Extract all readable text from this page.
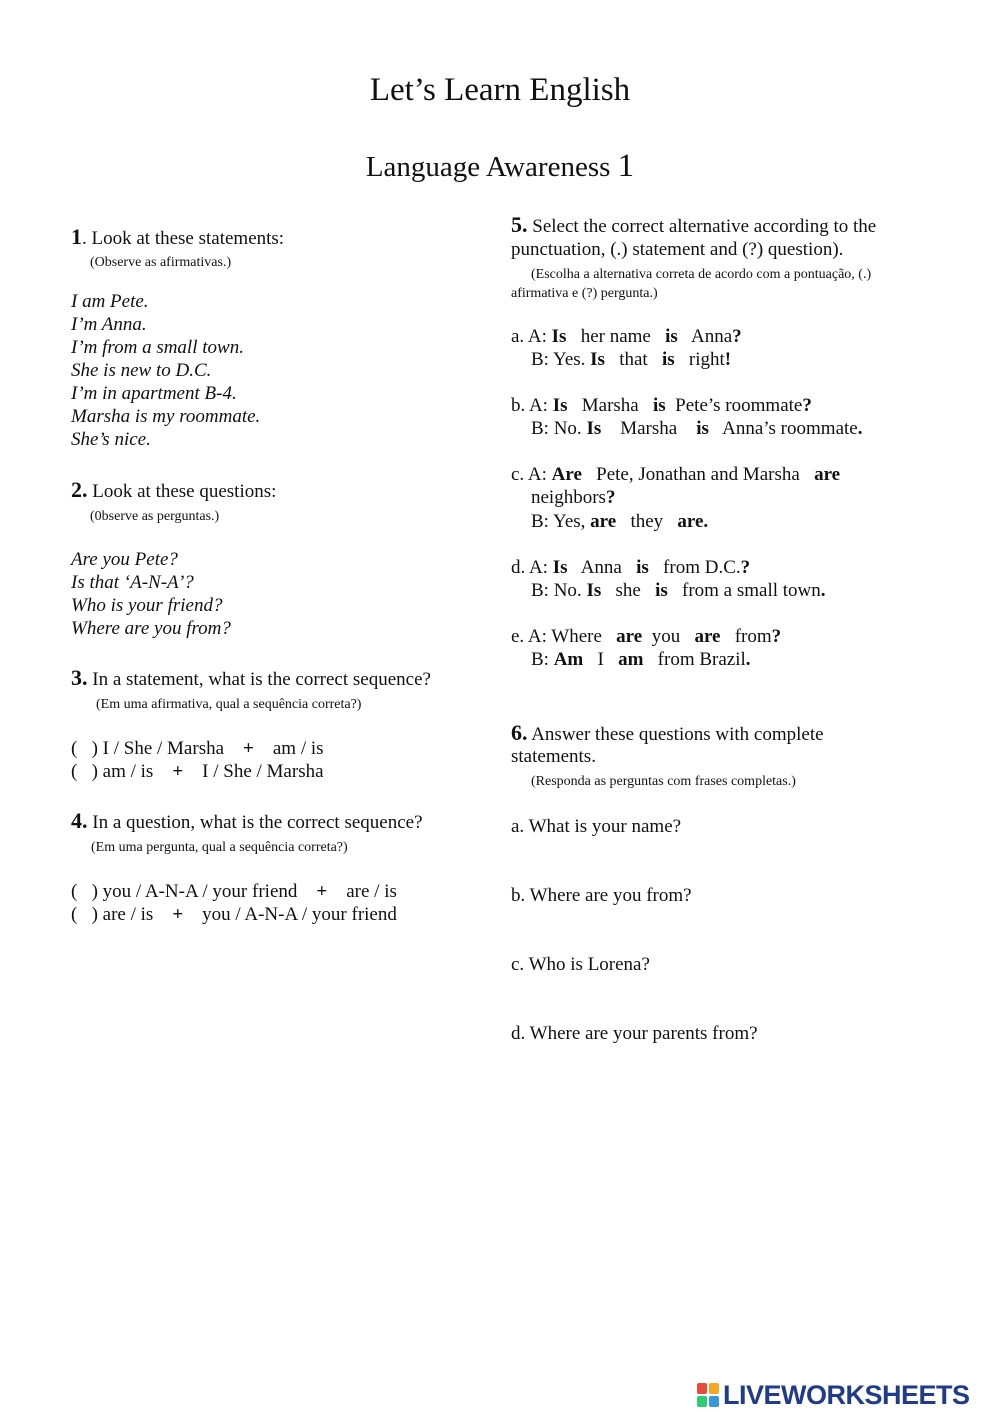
Let’s Learn English
Language Awareness 1
1. Look at these statements:
(Observe as afirmativas.)
I am Pete.
I’m Anna.
I’m from a small town.
She is new to D.C.
I’m in apartment B-4.
Marsha is my roommate.
She’s nice.
2. Look at these questions:
(0bserve as perguntas.)
Are you Pete?
Is that ‘A-N-A’?
Who is your friend?
Where are you from?
3. In a statement, what is the correct sequence?
(Em uma afirmativa, qual a sequência correta?)
(   ) I / She / Marsha + am / is
(   ) am / is + I / She / Marsha
4. In a question, what is the correct sequence?
(Em uma pergunta, qual a sequência correta?)
(   ) you / A-N-A / your friend + are / is
(   ) are / is + you / A-N-A / your friend
5. Select the correct alternative according to the
punctuation, (.) statement and (?) question).
(Escolha a alternativa correta de acordo com a pontuação, (.)
afirmativa e (?) pergunta.)
a. A: Is her name is Anna?
B: Yes. Is that is right!
b. A: Is Marsha is Pete’s roommate?
B: No. Is Marsha is Anna’s roommate.
c. A: Are Pete, Jonathan and Marsha are
neighbors?
B: Yes, are they are.
d. A: Is Anna is from D.C.?
B: No. Is she is from a small town.
e. A: Where are you are from?
B: Am I am from Brazil.
6. Answer these questions with complete
statements.
(Responda as perguntas com frases completas.)
a. What is your name?
b. Where are you from?
c. Who is Lorena?
d. Where are your parents from?
LIVEWORKSHEETS
